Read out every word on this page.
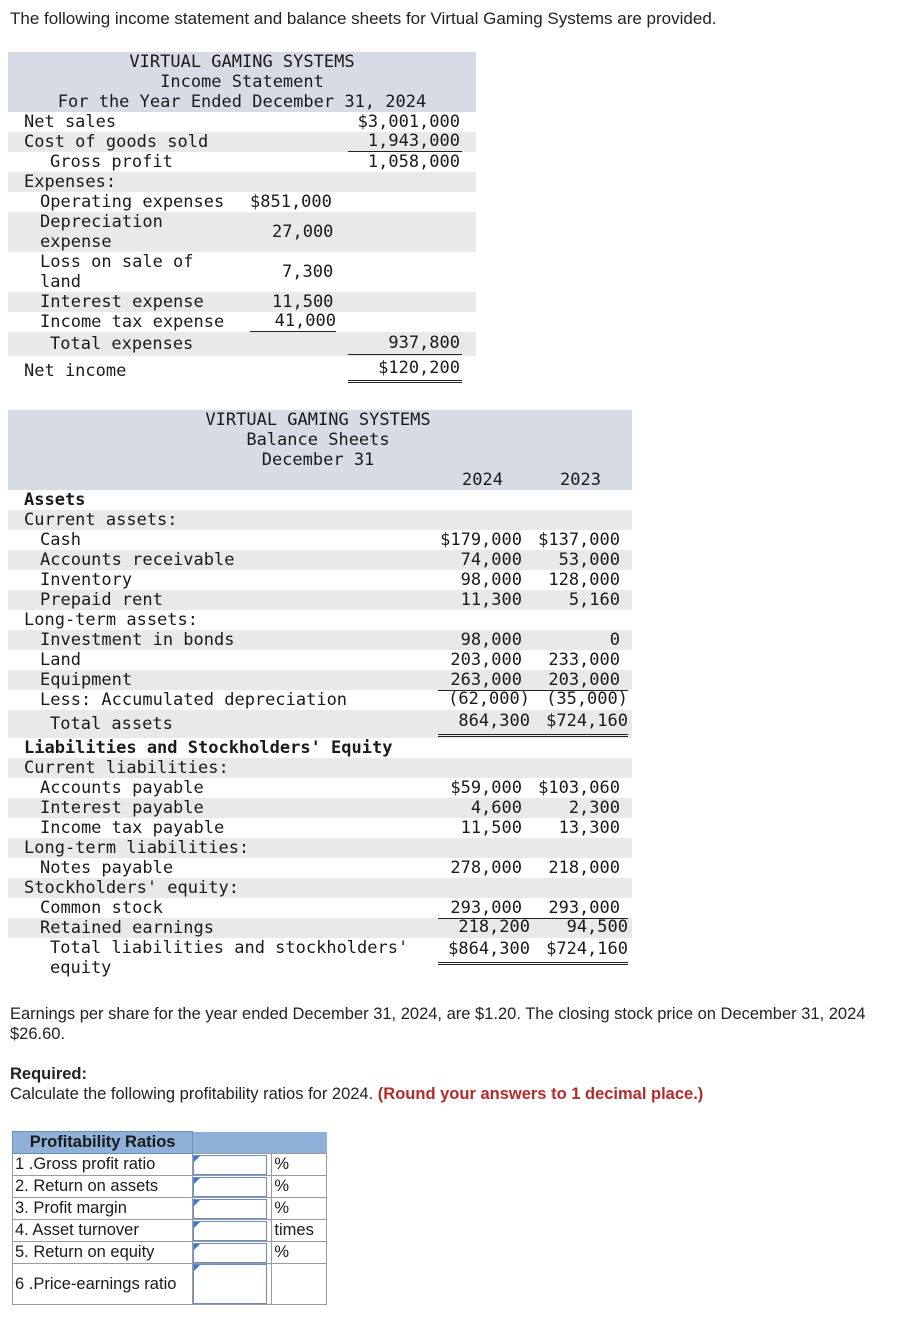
The following income statement and balance sheets for Virtual Gaming Systems are provided.
VIRTUAL GAMING SYSTEMS
Income Statement
For the Year Ended December 31, 2024
Net sales	$3,001,000
Cost of goods sold	1,943,000
Gross profit	1,058,000
Expenses:
Operating expenses $851,000
Depreciation
expense	27,000
Loss on sale of
land	7,300
Interest expense	11,500
Income tax expense	41,000
Total expenses	937,800
Net income	$120,200
VIRTUAL GAMING SYSTEMS
Balance Sheets
December 31
2024	2023
Assets
Current assets:
Cash	$179,000 $137,000
Accounts receivable	74,000 53,000
Inventory	98,000 128,000
Prepaid rent	11,300	5,160
Long-term assets:
Investment in bonds	98,000	0
Land	203,000 233,000
Equipment	263,000 203,000
Less: Accumulated depreciation	(62,000) (35,000)
Total assets	864,300 $724,160
Liabilities and Stockholders' Equity
Current liabilities:
Accounts payable	$59,000 $103,060
Interest payable	4,600	2,300
Income tax payable	11,500 13,300
Long-term liabilities:
Notes payable	278,000 218,000
Stockholders' equity:
Common stock	293,000 293,000
Retained earnings	218,200 94,500
Total liabilities and stockholders'
equity
$864,300 $724,160
Earnings per share for the year ended December 31, 2024, are $1.20. The closing stock price on December 31, 2024
$26.60.
Required:
Calculate the following profitability ratios for 2024. (Round your answers to 1 decimal place.)
Profitability Ratios		
1 .Gross profit ratio		%
2. Return on assets		%
3. Profit margin		%
4. Asset turnover		times
5. Return on equity		%
6 .Price-earnings ratio	
